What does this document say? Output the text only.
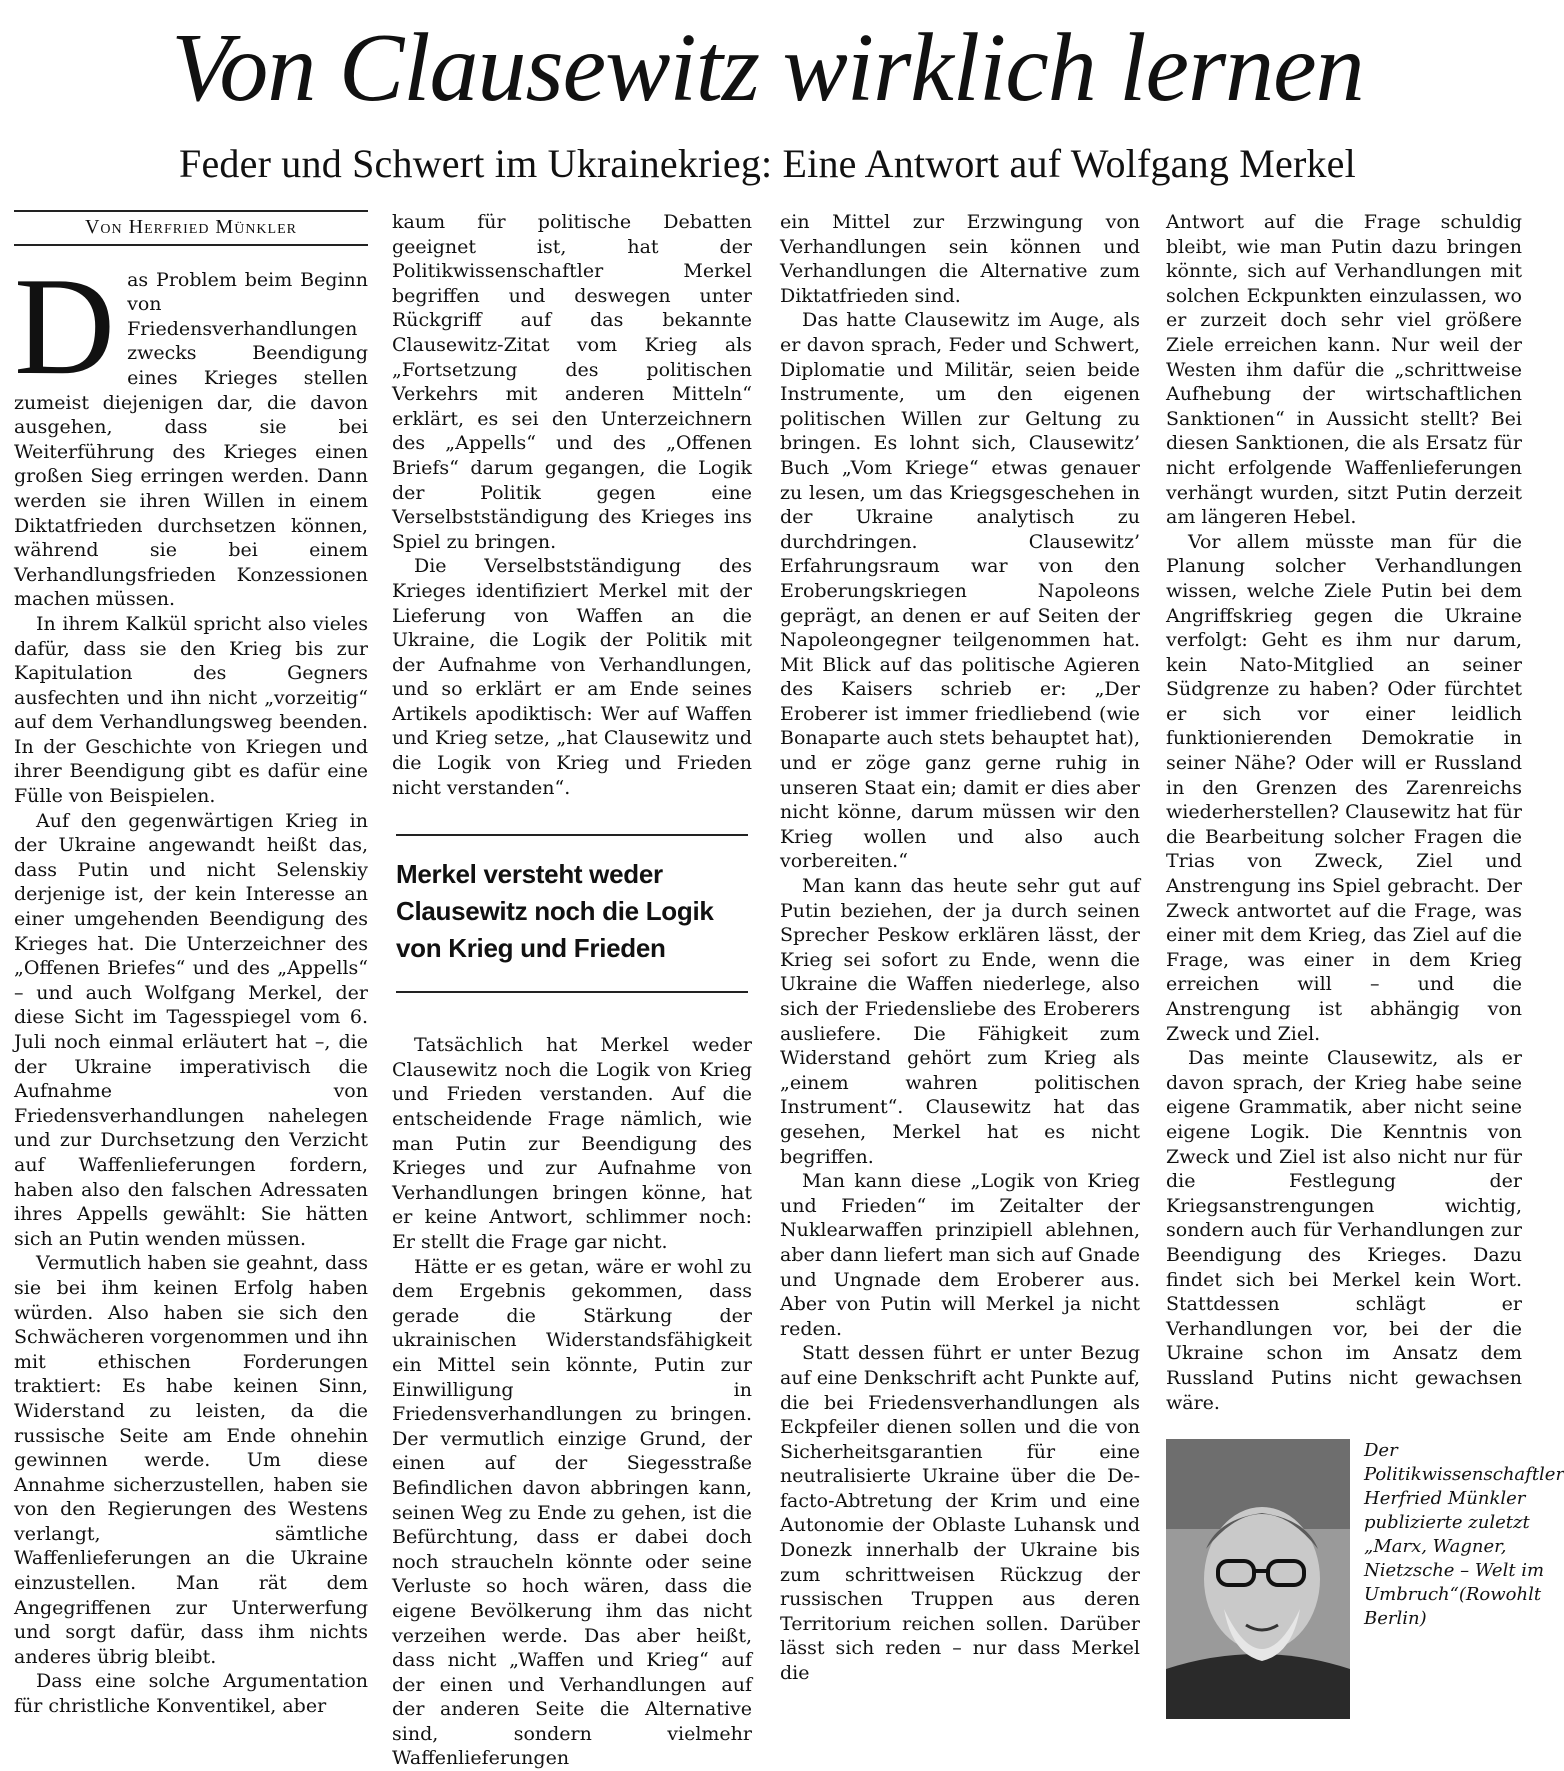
Von Clausewitz wirklich lernen
Feder und Schwert im Ukrainekrieg: Eine Antwort auf Wolfgang Merkel
Von Herfried Münkler

Das Problem beim Beginn von Friedensverhandlungen zwecks Beendigung eines Krieges stellen zumeist diejenigen dar, die davon ausgehen, dass sie bei Weiterführung des Krieges einen großen Sieg erringen werden. Dann werden sie ihren Willen in einem Diktatfrieden durchsetzen können, während sie bei einem Verhandlungsfrieden Konzessionen machen müssen.

In ihrem Kalkül spricht also vieles dafür, dass sie den Krieg bis zur Kapitulation des Gegners ausfechten und ihn nicht „vorzeitig“ auf dem Verhandlungsweg beenden. In der Geschichte von Kriegen und ihrer Beendigung gibt es dafür eine Fülle von Beispielen.

Auf den gegenwärtigen Krieg in der Ukraine angewandt heißt das, dass Putin und nicht Selenskiy derjenige ist, der kein Interesse an einer umgehenden Beendigung des Krieges hat. Die Unterzeichner des „Offenen Briefes“ und des „Appells“ – und auch Wolfgang Merkel, der diese Sicht im Tagesspiegel vom 6. Juli noch einmal erläutert hat –, die der Ukraine imperativisch die Aufnahme von Friedensverhandlungen nahelegen und zur Durchsetzung den Verzicht auf Waffenlieferungen fordern, haben also den falschen Adressaten ihres Appells gewählt: Sie hätten sich an Putin wenden müssen.

Vermutlich haben sie geahnt, dass sie bei ihm keinen Erfolg haben würden. Also haben sie sich den Schwächeren vorgenommen und ihn mit ethischen Forderungen traktiert: Es habe keinen Sinn, Widerstand zu leisten, da die russische Seite am Ende ohnehin gewinnen werde. Um diese Annahme sicherzustellen, haben sie von den Regierungen des Westens verlangt, sämtliche Waffenlieferungen an die Ukraine einzustellen. Man rät dem Angegriffenen zur Unterwerfung und sorgt dafür, dass ihm nichts anderes übrig bleibt.

Dass eine solche Argumentation für christliche Konventikel, aber

kaum für politische Debatten geeignet ist, hat der Politikwissenschaftler Merkel begriffen und deswegen unter Rückgriff auf das bekannte Clausewitz-Zitat vom Krieg als „Fortsetzung des politischen Verkehrs mit anderen Mitteln“ erklärt, es sei den Unterzeichnern des „Appells“ und des „Offenen Briefs“ darum gegangen, die Logik der Politik gegen eine Verselbstständigung des Krieges ins Spiel zu bringen.

Die Verselbstständigung des Krieges identifiziert Merkel mit der Lieferung von Waffen an die Ukraine, die Logik der Politik mit der Aufnahme von Verhandlungen, und so erklärt er am Ende seines Artikels apodiktisch: Wer auf Waffen und Krieg setze, „hat Clausewitz und die Logik von Krieg und Frieden nicht verstanden“.

Merkel versteht weder Clausewitz noch die Logik von Krieg und Frieden

Tatsächlich hat Merkel weder Clausewitz noch die Logik von Krieg und Frieden verstanden. Auf die entscheidende Frage nämlich, wie man Putin zur Beendigung des Krieges und zur Aufnahme von Verhandlungen bringen könne, hat er keine Antwort, schlimmer noch: Er stellt die Frage gar nicht.

Hätte er es getan, wäre er wohl zu dem Ergebnis gekommen, dass gerade die Stärkung der ukrainischen Widerstandsfähigkeit ein Mittel sein könnte, Putin zur Einwilligung in Friedensverhandlungen zu bringen. Der vermutlich einzige Grund, der einen auf der Siegesstraße Befindlichen davon abbringen kann, seinen Weg zu Ende zu gehen, ist die Befürchtung, dass er dabei doch noch straucheln könnte oder seine Verluste so hoch wären, dass die eigene Bevölkerung ihm das nicht verzeihen werde. Das aber heißt, dass nicht „Waffen und Krieg“ auf der einen und Verhandlungen auf der anderen Seite die Alternative sind, sondern vielmehr Waffenlieferungen

ein Mittel zur Erzwingung von Verhandlungen sein können und Verhandlungen die Alternative zum Diktatfrieden sind.

Das hatte Clausewitz im Auge, als er davon sprach, Feder und Schwert, Diplomatie und Militär, seien beide Instrumente, um den eigenen politischen Willen zur Geltung zu bringen. Es lohnt sich, Clausewitz’ Buch „Vom Kriege“ etwas genauer zu lesen, um das Kriegsgeschehen in der Ukraine analytisch zu durchdringen. Clausewitz’ Erfahrungsraum war von den Eroberungskriegen Napoleons geprägt, an denen er auf Seiten der Napoleongegner teilgenommen hat. Mit Blick auf das politische Agieren des Kaisers schrieb er: „Der Eroberer ist immer friedliebend (wie Bonaparte auch stets behauptet hat), und er zöge ganz gerne ruhig in unseren Staat ein; damit er dies aber nicht könne, darum müssen wir den Krieg wollen und also auch vorbereiten.“

Man kann das heute sehr gut auf Putin beziehen, der ja durch seinen Sprecher Peskow erklären lässt, der Krieg sei sofort zu Ende, wenn die Ukraine die Waffen niederlege, also sich der Friedensliebe des Eroberers ausliefere. Die Fähigkeit zum Widerstand gehört zum Krieg als „einem wahren politischen Instrument“. Clausewitz hat das gesehen, Merkel hat es nicht begriffen.

Man kann diese „Logik von Krieg und Frieden“ im Zeitalter der Nuklearwaffen prinzipiell ablehnen, aber dann liefert man sich auf Gnade und Ungnade dem Eroberer aus. Aber von Putin will Merkel ja nicht reden.

Statt dessen führt er unter Bezug auf eine Denkschrift acht Punkte auf, die bei Friedensverhandlungen als Eckpfeiler dienen sollen und die von Sicherheitsgarantien für eine neutralisierte Ukraine über die De-facto-Abtretung der Krim und eine Autonomie der Oblaste Luhansk und Donezk innerhalb der Ukraine bis zum schrittweisen Rückzug der russischen Truppen aus deren Territorium reichen sollen. Darüber lässt sich reden – nur dass Merkel die

Antwort auf die Frage schuldig bleibt, wie man Putin dazu bringen könnte, sich auf Verhandlungen mit solchen Eckpunkten einzulassen, wo er zurzeit doch sehr viel größere Ziele erreichen kann. Nur weil der Westen ihm dafür die „schrittweise Aufhebung der wirtschaftlichen Sanktionen“ in Aussicht stellt? Bei diesen Sanktionen, die als Ersatz für nicht erfolgende Waffenlieferungen verhängt wurden, sitzt Putin derzeit am längeren Hebel.

Vor allem müsste man für die Planung solcher Verhandlungen wissen, welche Ziele Putin bei dem Angriffskrieg gegen die Ukraine verfolgt: Geht es ihm nur darum, kein Nato-Mitglied an seiner Südgrenze zu haben? Oder fürchtet er sich vor einer leidlich funktionierenden Demokratie in seiner Nähe? Oder will er Russland in den Grenzen des Zarenreichs wiederherstellen? Clausewitz hat für die Bearbeitung solcher Fragen die Trias von Zweck, Ziel und Anstrengung ins Spiel gebracht. Der Zweck antwortet auf die Frage, was einer mit dem Krieg, das Ziel auf die Frage, was einer in dem Krieg erreichen will – und die Anstrengung ist abhängig von Zweck und Ziel.

Das meinte Clausewitz, als er davon sprach, der Krieg habe seine eigene Grammatik, aber nicht seine eigene Logik. Die Kenntnis von Zweck und Ziel ist also nicht nur für die Festlegung der Kriegsanstrengungen wichtig, sondern auch für Verhandlungen zur Beendigung des Krieges. Dazu findet sich bei Merkel kein Wort. Stattdessen schlägt er Verhandlungen vor, bei der die Ukraine schon im Ansatz dem Russland Putins nicht gewachsen wäre.

Der Politikwissenschaftler Herfried Münkler publizierte zuletzt „Marx, Wagner, Nietzsche – Welt im Umbruch“(Rowohlt Berlin)
